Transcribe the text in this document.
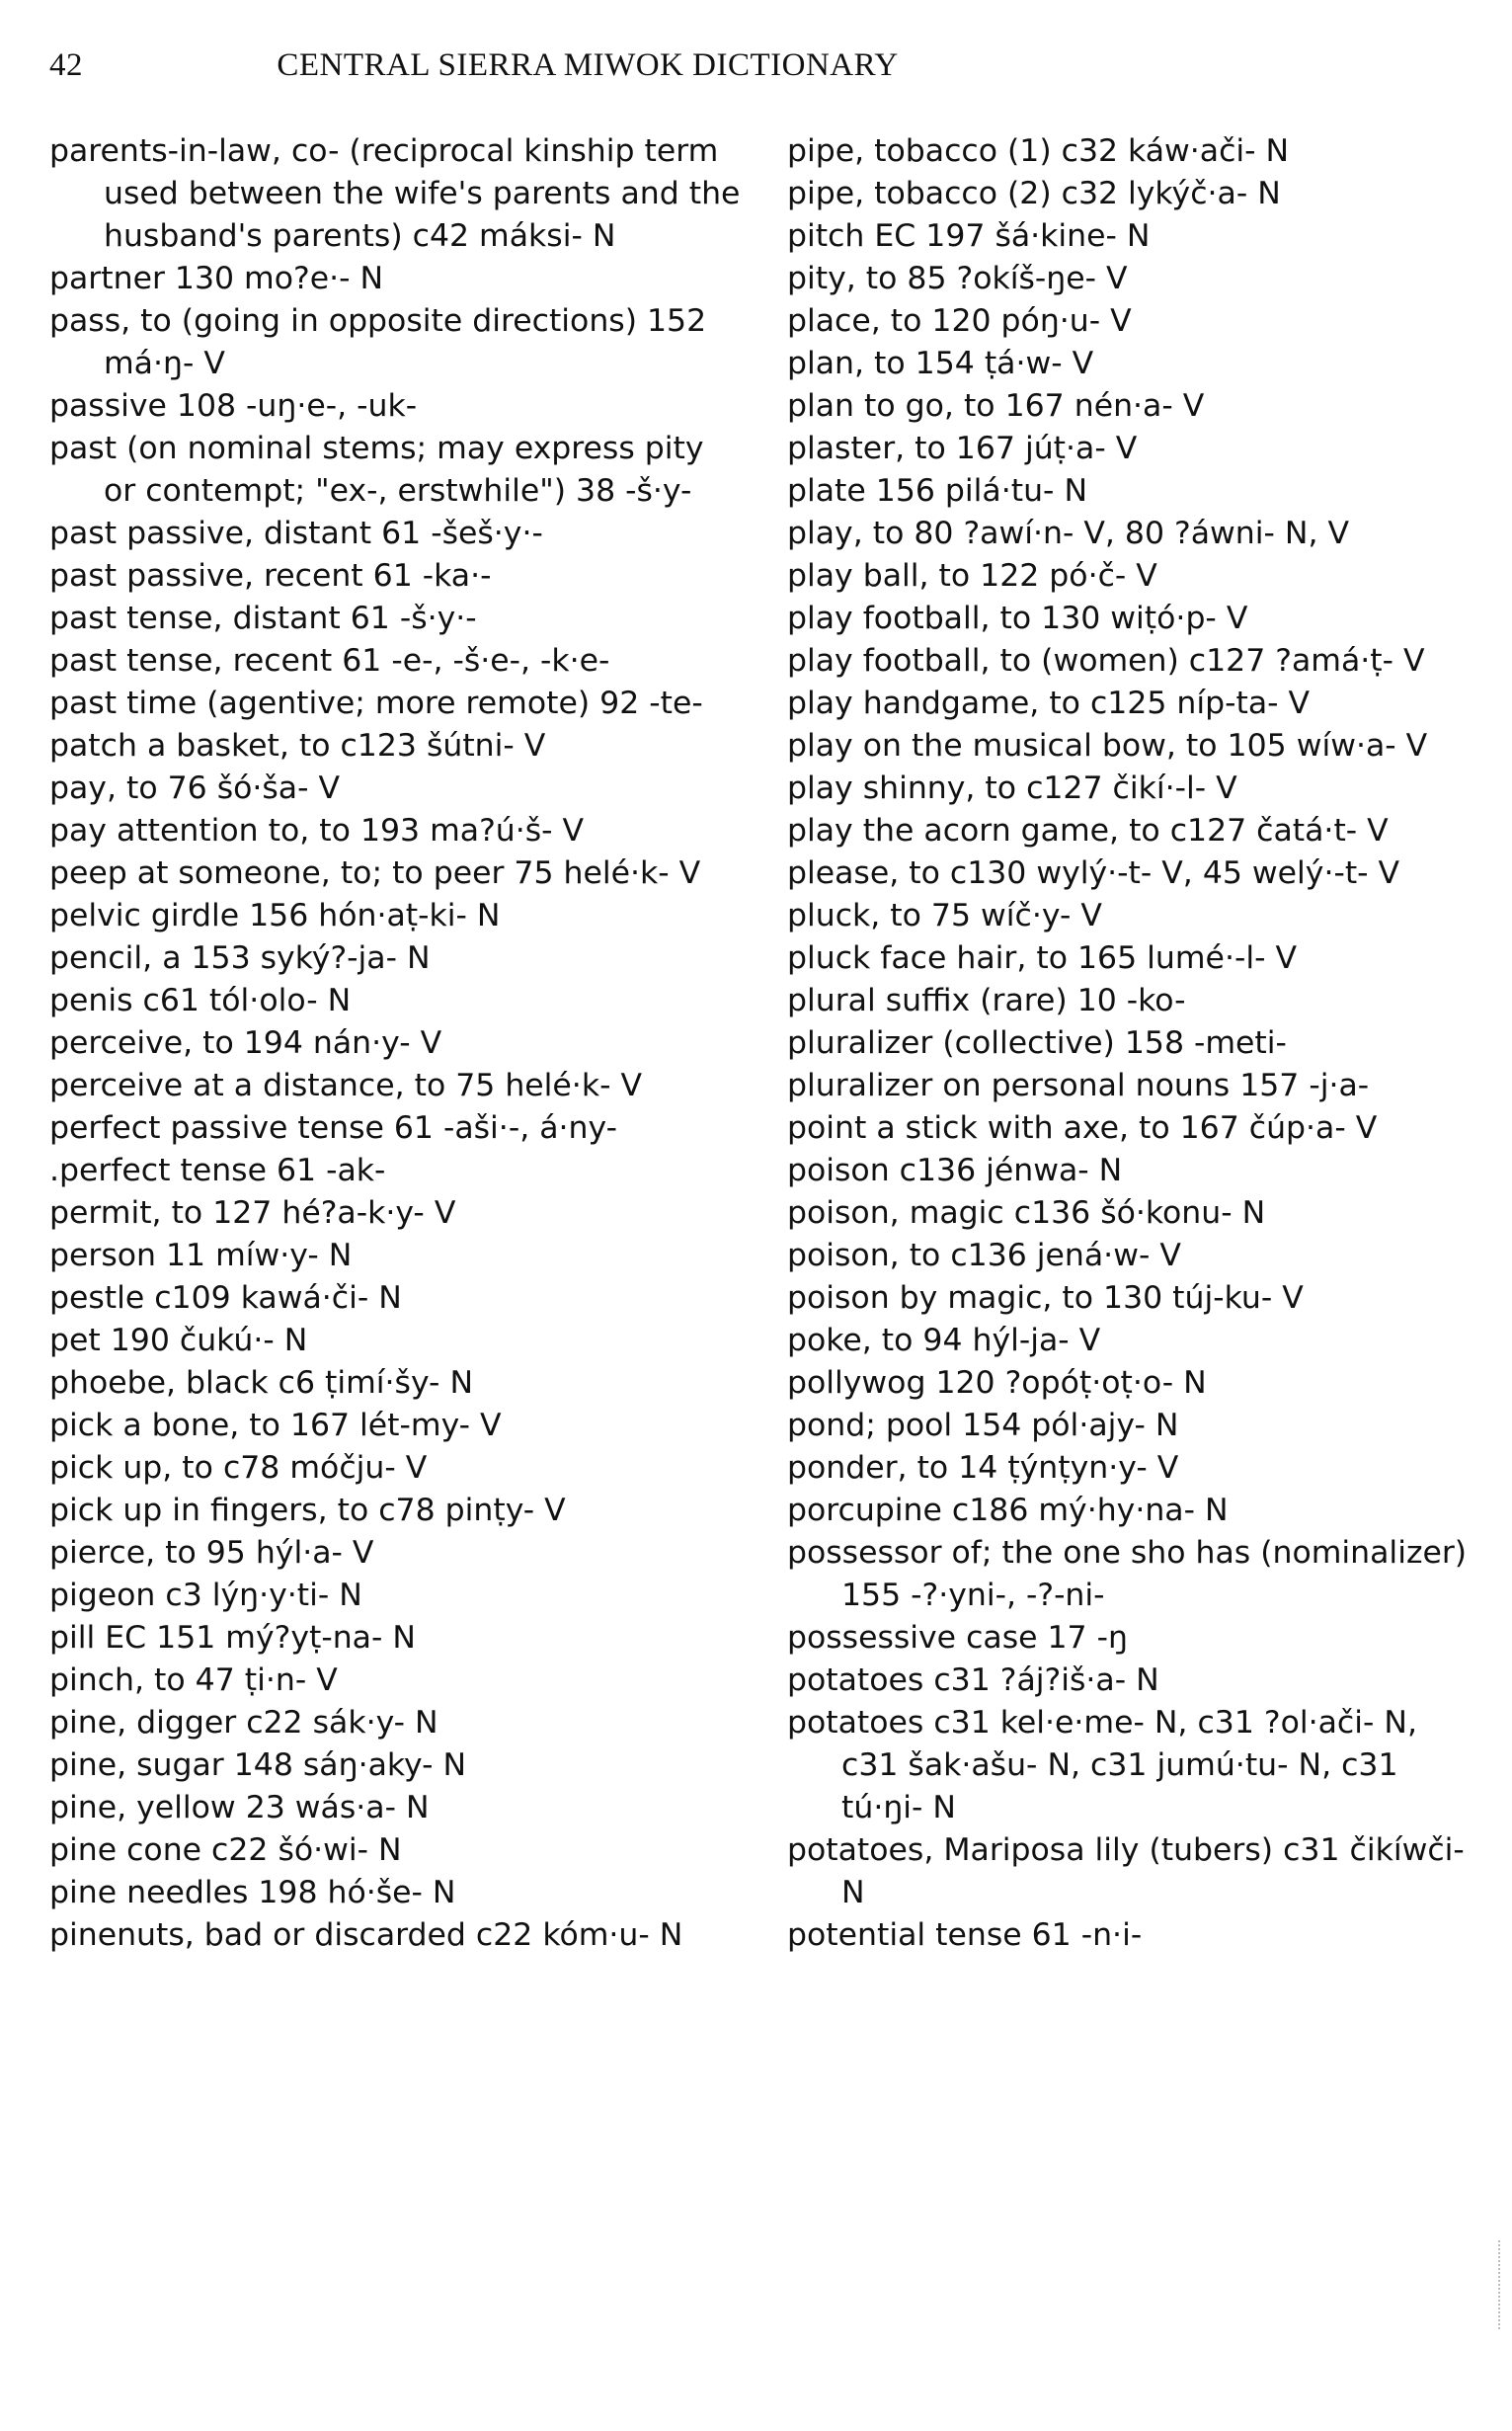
42	CENTRAL SIERRA MIWOK DICTIONARY
parents-in-law, co- (reciprocal kinship term used between the wife's parents and the husband's parents) c42 máksi- N
partner 130 mo?e·- N
pass, to (going in opposite directions) 152 má·ŋ- V
passive 108 -uŋ·e-, -uk-
past (on nominal stems; may express pity or contempt; "ex-, erstwhile") 38 -š·y-
past passive, distant 61 -šeš·y·-
past passive, recent 61 -ka·-
past tense, distant 61 -š·y·-
past tense, recent 61 -e-, -š·e-, -k·e-
past time (agentive; more remote) 92 -te-
patch a basket, to c123 šútni- V
pay, to 76 šó·ša- V
pay attention to, to 193 ma?ú·š- V
peep at someone, to; to peer 75 helé·k- V
pelvic girdle 156 hón·aṭ-ki- N
pencil, a 153 syký?-ja- N
penis c61 tól·olo- N
perceive, to 194 nán·y- V
perceive at a distance, to 75 helé·k- V
perfect passive tense 61 -aši·-, á·ny-
.perfect tense 61 -ak-
permit, to 127 hé?a-k·y- V
person 11 míw·y- N
pestle c109 kawá·či- N
pet 190 čukú·- N
phoebe, black c6 ṭimí·šy- N
pick a bone, to 167 lét-my- V
pick up, to c78 móčju- V
pick up in fingers, to c78 pinṭy- V
pierce, to 95 hýl·a- V
pigeon c3 lýŋ·y·ti- N
pill EC 151 mý?yṭ-na- N
pinch, to 47 ṭi·n- V
pine, digger c22 sák·y- N
pine, sugar 148 sáŋ·aky- N
pine, yellow 23 wás·a- N
pine cone c22 šó·wi- N
pine needles 198 hó·še- N
pinenuts, bad or discarded c22 kóm·u- N
pipe, tobacco (1) c32 káw·ači- N
pipe, tobacco (2) c32 lykýč·a- N
pitch EC 197 šá·kine- N
pity, to 85 ?okíš-ŋe- V
place, to 120 póŋ·u- V
plan, to 154 ṭá·w- V
plan to go, to 167 nén·a- V
plaster, to 167 júṭ·a- V
plate 156 pilá·tu- N
play, to 80 ?awí·n- V, 80 ?áwni- N, V
play ball, to 122 pó·č- V
play football, to 130 wiṭó·p- V
play football, to (women) c127 ?amá·ṭ- V
play handgame, to c125 níp-ta- V
play on the musical bow, to 105 wíw·a- V
play shinny, to c127 čikí·-l- V
play the acorn game, to c127 čatá·t- V
please, to c130 wylý·-t- V, 45 welý·-t- V
pluck, to 75 wíč·y- V
pluck face hair, to 165 lumé·-l- V
plural suffix (rare) 10 -ko-
pluralizer (collective) 158 -meti-
pluralizer on personal nouns 157 -j·a-
point a stick with axe, to 167 čúp·a- V
poison c136 jénwa- N
poison, magic c136 šó·konu- N
poison, to c136 jená·w- V
poison by magic, to 130 túj-ku- V
poke, to 94 hýl-ja- V
pollywog 120 ?opóṭ·oṭ·o- N
pond; pool 154 pól·ajy- N
ponder, to 14 ṭýnṭyn·y- V
porcupine c186 mý·hy·na- N
possessor of; the one sho has (nominalizer) 155 -?·yni-, -?-ni-
possessive case 17 -ŋ
potatoes c31 ?áj?iš·a- N
potatoes c31 kel·e·me- N, c31 ?ol·ači- N, c31 šak·ašu- N, c31 jumú·tu- N, c31 tú·ŋi- N
potatoes, Mariposa lily (tubers) c31 čikíwči- N
potential tense 61 -n·i-
